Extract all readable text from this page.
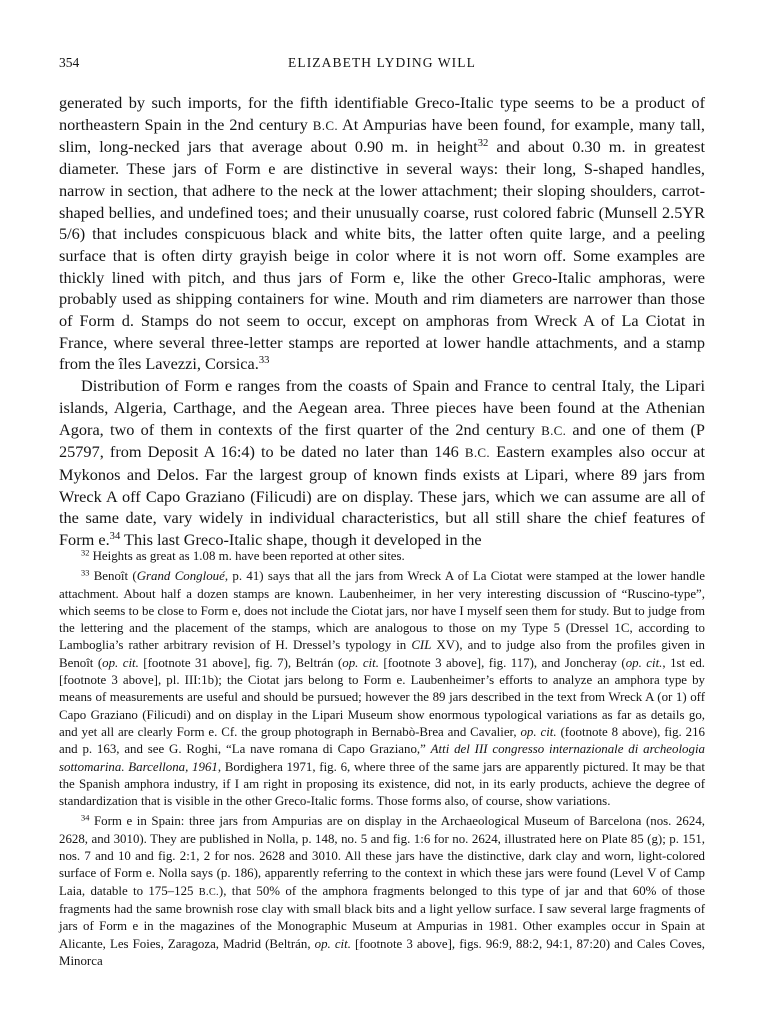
354	ELIZABETH LYDING WILL

generated by such imports, for the fifth identifiable Greco-Italic type seems to be a product of northeastern Spain in the 2nd century B.C. At Ampurias have been found, for example, many tall, slim, long-necked jars that average about 0.90 m. in height$^{32}$ and about 0.30 m. in greatest diameter. These jars of Form e are distinctive in several ways: their long, S-shaped handles, narrow in section, that adhere to the neck at the lower attachment; their sloping shoulders, carrot-shaped bellies, and undefined toes; and their unusually coarse, rust colored fabric (Munsell 2.5YR 5/6) that includes conspicuous black and white bits, the latter often quite large, and a peeling surface that is often dirty grayish beige in color where it is not worn off. Some examples are thickly lined with pitch, and thus jars of Form e, like the other Greco-Italic amphoras, were probably used as shipping containers for wine. Mouth and rim diameters are narrower than those of Form d. Stamps do not seem to occur, except on amphoras from Wreck A of La Ciotat in France, where several three-letter stamps are reported at lower handle attachments, and a stamp from the îles Lavezzi, Corsica.$^{33}$

Distribution of Form e ranges from the coasts of Spain and France to central Italy, the Lipari islands, Algeria, Carthage, and the Aegean area. Three pieces have been found at the Athenian Agora, two of them in contexts of the first quarter of the 2nd century B.C. and one of them (P 25797, from Deposit A 16:4) to be dated no later than 146 B.C. Eastern examples also occur at Mykonos and Delos. Far the largest group of known finds exists at Lipari, where 89 jars from Wreck A off Capo Graziano (Filicudi) are on display. These jars, which we can assume are all of the same date, vary widely in individual characteristics, but all still share the chief features of Form e.$^{34}$ This last Greco-Italic shape, though it developed in the

$^{32}$ Heights as great as 1.08 m. have been reported at other sites.

$^{33}$ Benoît (Grand Congloué, p. 41) says that all the jars from Wreck A of La Ciotat were stamped at the lower handle attachment. About half a dozen stamps are known. Laubenheimer, in her very interesting discussion of “Ruscino-type”, which seems to be close to Form e, does not include the Ciotat jars, nor have I myself seen them for study. But to judge from the lettering and the placement of the stamps, which are analogous to those on my Type 5 (Dressel 1C, according to Lamboglia’s rather arbitrary revision of H. Dressel’s typology in CIL XV), and to judge also from the profiles given in Benoît (op. cit. [footnote 31 above], fig. 7), Beltrán (op. cit. [footnote 3 above], fig. 117), and Joncheray (op. cit., 1st ed. [footnote 3 above], pl. III:1b); the Ciotat jars belong to Form e. Laubenheimer’s efforts to analyze an amphora type by means of measurements are useful and should be pursued; however the 89 jars described in the text from Wreck A (or 1) off Capo Graziano (Filicudi) and on display in the Lipari Museum show enormous typological variations as far as details go, and yet all are clearly Form e. Cf. the group photograph in Bernabò-Brea and Cavalier, op. cit. (footnote 8 above), fig. 216 and p. 163, and see G. Roghi, “La nave romana di Capo Graziano,” Atti del III congresso internazionale di archeologia sottomarina. Barcellona, 1961, Bordighera 1971, fig. 6, where three of the same jars are apparently pictured. It may be that the Spanish amphora industry, if I am right in proposing its existence, did not, in its early products, achieve the degree of standardization that is visible in the other Greco-Italic forms. Those forms also, of course, show variations.

$^{34}$ Form e in Spain: three jars from Ampurias are on display in the Archaeological Museum of Barcelona (nos. 2624, 2628, and 3010). They are published in Nolla, p. 148, no. 5 and fig. 1:6 for no. 2624, illustrated here on Plate 85 (g); p. 151, nos. 7 and 10 and fig. 2:1, 2 for nos. 2628 and 3010. All these jars have the distinctive, dark clay and worn, light-colored surface of Form e. Nolla says (p. 186), apparently referring to the context in which these jars were found (Level V of Camp Laia, datable to 175–125 B.C.), that 50% of the amphora fragments belonged to this type of jar and that 60% of those fragments had the same brownish rose clay with small black bits and a light yellow surface. I saw several large fragments of jars of Form e in the magazines of the Monographic Museum at Ampurias in 1981. Other examples occur in Spain at Alicante, Les Foies, Zaragoza, Madrid (Beltrán, op. cit. [footnote 3 above], figs. 96:9, 88:2, 94:1, 87:20) and Cales Coves, Minorca
